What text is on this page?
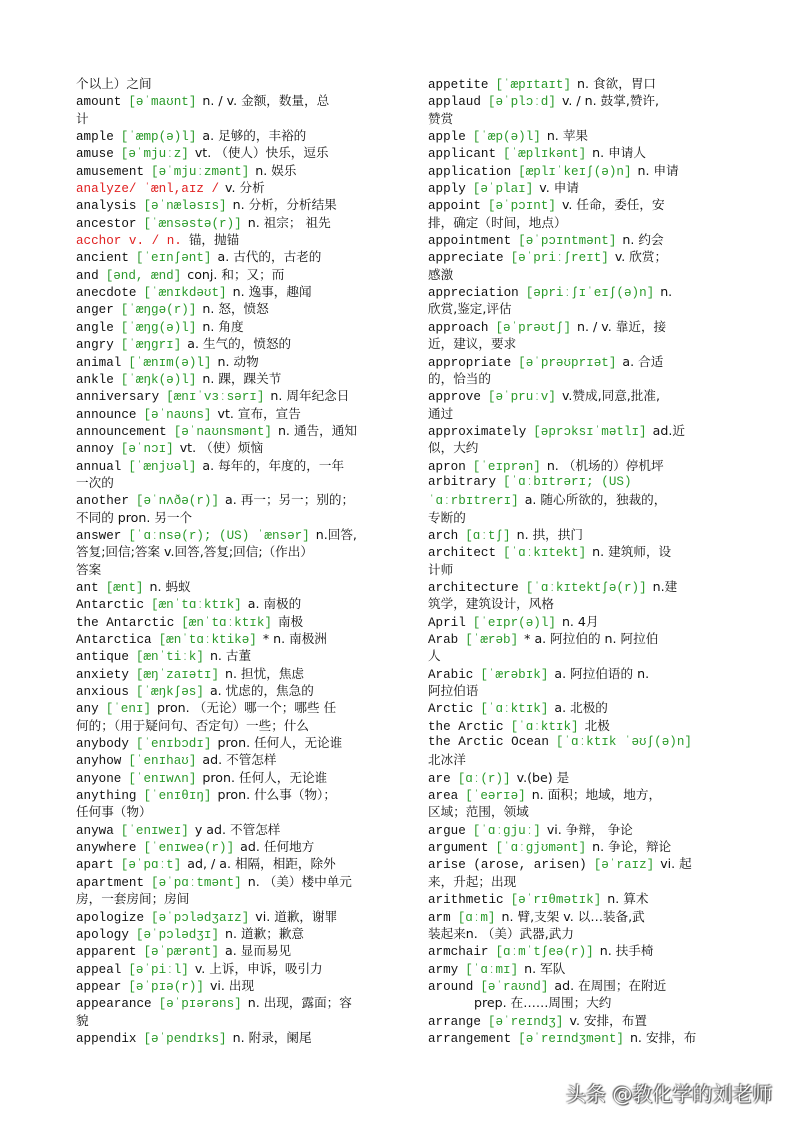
个以上）之间
amount [əˈmaʊnt] n. / v. 金额，数量，总
计
ample [ˈæmp(ə)l] a. 足够的，丰裕的
amuse [əˈmjuːz] vt. （使人）快乐，逗乐
amusement [əˈmjuːzmənt] n. 娱乐
analyze/ ˈænl,aɪz / v. 分析
analysis [əˈnæləsɪs] n. 分析，分析结果
ancestor [ˈænsəstə(r)] n. 祖宗； 祖先
acchor v. / n. 锚，抛锚
ancient [ˈeɪnʃənt] a. 古代的，古老的
and [ənd, ænd] conj. 和；又；而
anecdote [ˈænɪkdəʊt] n. 逸事，趣闻
anger [ˈæŋgə(r)] n. 怒，愤怒
angle [ˈæŋg(ə)l] n. 角度
angry [ˈæŋgrɪ] a. 生气的，愤怒的
animal [ˈænɪm(ə)l] n. 动物
ankle [ˈæŋk(ə)l] n. 踝，踝关节
anniversary [ænɪˈvɜːsərɪ] n. 周年纪念日
announce [əˈnaʊns] vt. 宣布，宣告
announcement [əˈnaʊnsmənt] n. 通告，通知
annoy [əˈnɔɪ] vt. （使）烦恼
annual [ˈænjʊəl] a. 每年的，年度的，一年
一次的
another [əˈnʌðə(r)] a. 再一；另一；别的；
不同的 pron. 另一个
answer [ˈɑːnsə(r); (US) ˈænsər] n.回答,
答复;回信;答案 v.回答,答复;回信;（作出）
答案
ant [ænt] n. 蚂蚁
Antarctic [ænˈtɑːktɪk] a. 南极的
the Antarctic [ænˈtɑːktɪk] 南极
Antarctica [ænˈtɑːktikə] * n. 南极洲
antique [ænˈtiːk] n. 古董
anxiety [æŋˈzaɪətɪ] n. 担忧，焦虑
anxious [ˈæŋkʃəs] a. 忧虑的，焦急的
any [ˈenɪ] pron. （无论）哪一个；哪些 任
何的；（用于疑问句、否定句）一些；什么
anybody [ˈenɪbɔdɪ] pron. 任何人，无论谁
anyhow [ˈenɪhaʊ] ad. 不管怎样
anyone [ˈenɪwʌn] pron. 任何人，无论谁
anything [ˈenɪθɪŋ] pron. 什么事（物）；
任何事（物）
anywa [ˈenɪweɪ] y ad. 不管怎样
anywhere [ˈenɪweə(r)] ad. 任何地方
apart [əˈpɑːt] ad, / a. 相隔，相距，除外
apartment [əˈpɑːtmənt] n. （美）楼中单元
房，一套房间；房间
apologize [əˈpɔlədʒaɪz] vi. 道歉，谢罪
apology [əˈpɔlədʒɪ] n. 道歉；歉意
apparent [əˈpærənt] a. 显而易见
appeal [əˈpiːl] v. 上诉，申诉，吸引力
appear [əˈpɪə(r)] vi. 出现
appearance [əˈpɪərəns] n. 出现，露面；容
貌
appendix [əˈpendɪks] n. 附录，阑尾
appetite [ˈæpɪtaɪt] n. 食欲，胃口
applaud [əˈplɔːd] v. / n. 鼓掌,赞许,
赞赏
apple [ˈæp(ə)l] n. 苹果
applicant [ˈæplɪkənt] n. 申请人
application [æplɪˈkeɪʃ(ə)n] n. 申请
apply [əˈplaɪ] v. 申请
appoint [əˈpɔɪnt] v. 任命，委任，安
排，确定（时间，地点）
appointment [əˈpɔɪntmənt] n. 约会
appreciate [əˈpriːʃreɪt] v. 欣赏；
感激
appreciation [əpriːʃɪˈeɪʃ(ə)n] n.
欣赏,鉴定,评估
approach [əˈprəʊtʃ] n. / v. 靠近，接
近，建议，要求
appropriate [əˈprəʊprɪət] a. 合适
的，恰当的
approve [əˈpruːv] v.赞成,同意,批准,
通过
approximately [əprɔksɪˈmətlɪ] ad.近
似，大约
apron [ˈeɪprən] n. （机场的）停机坪
arbitrary [ˈɑːbɪtrərɪ; (US)
ˈɑːrbɪtrerɪ] a. 随心所欲的，独裁的，
专断的
arch [ɑːtʃ] n. 拱，拱门
architect [ˈɑːkɪtekt] n. 建筑师，设
计师
architecture [ˈɑːkɪtektʃə(r)] n.建
筑学，建筑设计，风格
April [ˈeɪpr(ə)l] n. 4月
Arab [ˈærəb] * a. 阿拉伯的 n. 阿拉伯
人
Arabic [ˈærəbɪk] a. 阿拉伯语的 n.
阿拉伯语
Arctic [ˈɑːktɪk] a. 北极的
the Arctic [ˈɑːktɪk] 北极
the Arctic Ocean [ˈɑːktɪk ˈəʊʃ(ə)n]
北冰洋
are [ɑː(r)] v.(be) 是
area [ˈeərɪə] n. 面积；地域，地方，
区域；范围，领域
argue [ˈɑːgjuː] vi. 争辩， 争论
argument [ˈɑːgjʊmənt] n. 争论，辩论
arise (arose, arisen) [əˈraɪz] vi. 起
来，升起；出现
arithmetic [əˈrɪθmətɪk] n. 算术
arm [ɑːm] n. 臂,支架 v. 以…装备,武
装起来n. （美）武器,武力
armchair [ɑːmˈtʃeə(r)] n. 扶手椅
army [ˈɑːmɪ] n. 军队
around [əˈraʊnd] ad. 在周围；在附近
prep. 在……周围；大约
arrange [əˈreɪndʒ] v. 安排，布置
arrangement [əˈreɪndʒmənt] n. 安排，布
头条 @教化学的刘老师
